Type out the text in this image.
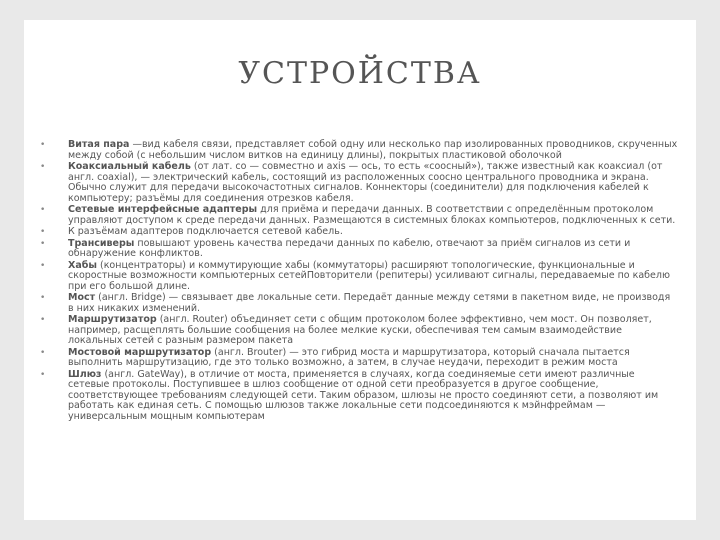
УСТРОЙСТВА
• Витая пара —вид кабеля связи, представляет собой одну или несколько пар изолированных проводников, скрученных между собой (с небольшим числом витков на единицу длины), покрытых пластиковой оболочкой
• Коаксиальный кабель (от лат. co — совместно и axis — ось, то есть «соосный»), также известный как коаксиал (от англ. coaxial), — электрический кабель, состоящий из расположенных соосно центрального проводника и экрана. Обычно служит для передачи высокочастотных сигналов. Коннекторы (соединители) для подключения кабелей к компьютеру; разъёмы для соединения отрезков кабеля.
• Сетевые интерфейсные адаптеры для приёма и передачи данных. В соответствии с определённым протоколом управляют доступом к среде передачи данных. Размещаются в системных блоках компьютеров, подключенных к сети.
• К разъёмам адаптеров подключается сетевой кабель.
• Трансиверы повышают уровень качества передачи данных по кабелю, отвечают за приём сигналов из сети и обнаружение конфликтов.
• Хабы (концентраторы) и коммутирующие хабы (коммутаторы) расширяют топологические, функциональные и скоростные возможности компьютерных сетейПовторители (репитеры) усиливают сигналы, передаваемые по кабелю при его большой длине.
• Мост (англ. Bridge) — связывает две локальные сети. Передаёт данные между сетями в пакетном виде, не производя в них никаких изменений.
• Маршрутизатор (англ. Router) объединяет сети с общим протоколом более эффективно, чем мост. Он позволяет, например, расщеплять большие сообщения на более мелкие куски, обеспечивая тем самым взаимодействие локальных сетей с разным размером пакета
• Мостовой маршрутизатор (англ. Brouter) — это гибрид моста и маршрутизатора, который сначала пытается выполнить маршрутизацию, где это только возможно, а затем, в случае неудачи, переходит в режим моста
• Шлюз (англ. GateWay), в отличие от моста, применяется в случаях, когда соединяемые сети имеют различные сетевые протоколы. Поступившее в шлюз сообщение от одной сети преобразуется в другое сообщение, соответствующее требованиям следующей сети. Таким образом, шлюзы не просто соединяют сети, а позволяют им работать как единая сеть. С помощью шлюзов также локальные сети подсоединяются к мэйнфреймам — универсальным мощным компьютерам
